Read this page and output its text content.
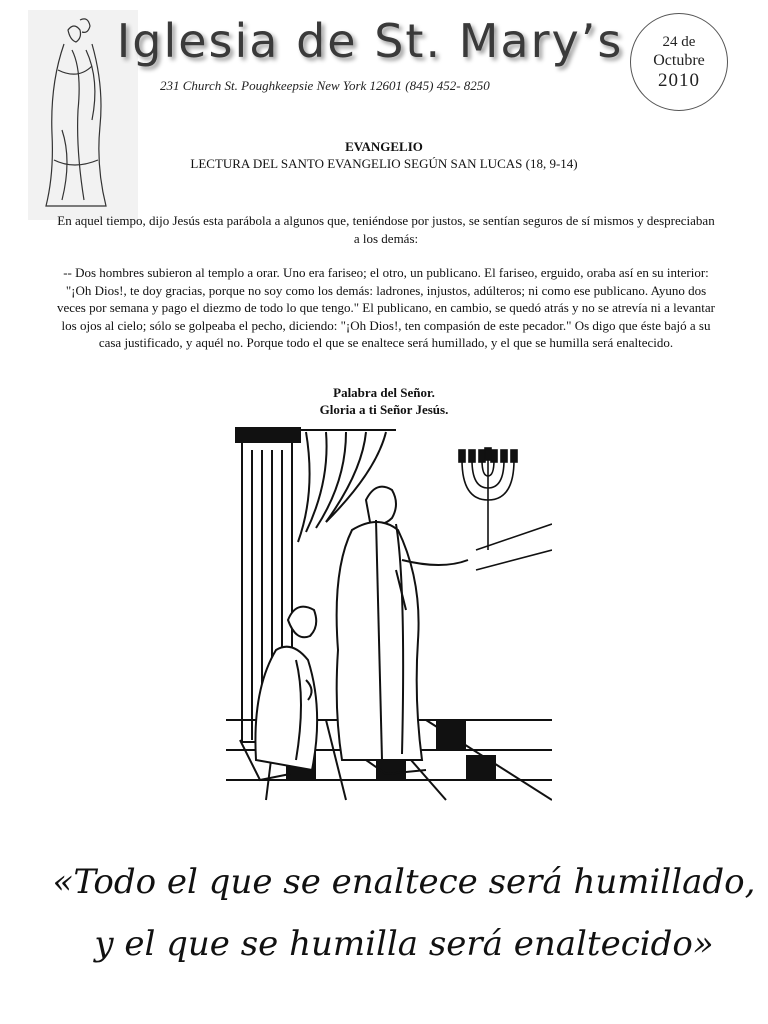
Iglesia de St. Mary’s
231 Church St. Poughkeepsie New York 12601 (845) 452- 8250
24 de
Octubre
2010
EVANGELIO
LECTURA DEL SANTO EVANGELIO SEGÚN SAN LUCAS (18, 9-14)
En aquel tiempo, dijo Jesús esta parábola a algunos que, teniéndose por justos, se sentían seguros de sí mismos y despreciaban a los demás:
-- Dos hombres subieron al templo a orar. Uno era fariseo; el otro, un publicano. El fariseo, erguido, oraba así en su interior: "¡Oh Dios!, te doy gracias, porque no soy como los demás: ladrones, injustos, adúlteros; ni como ese publicano. Ayuno dos veces por semana y pago el diezmo de todo lo que tengo." El publicano, en cambio, se quedó atrás y no se atrevía ni a levantar los ojos al cielo; sólo se golpeaba el pecho, diciendo: "¡Oh Dios!, ten compasión de este pecador." Os digo que éste bajó a su casa justificado, y aquél no. Porque todo el que se enaltece será humillado, y el que se humilla será enaltecido.
Palabra del Señor.
Gloria a ti Señor Jesús.
«Todo el que se enaltece será humillado,
y el que se humilla será enaltecido»
